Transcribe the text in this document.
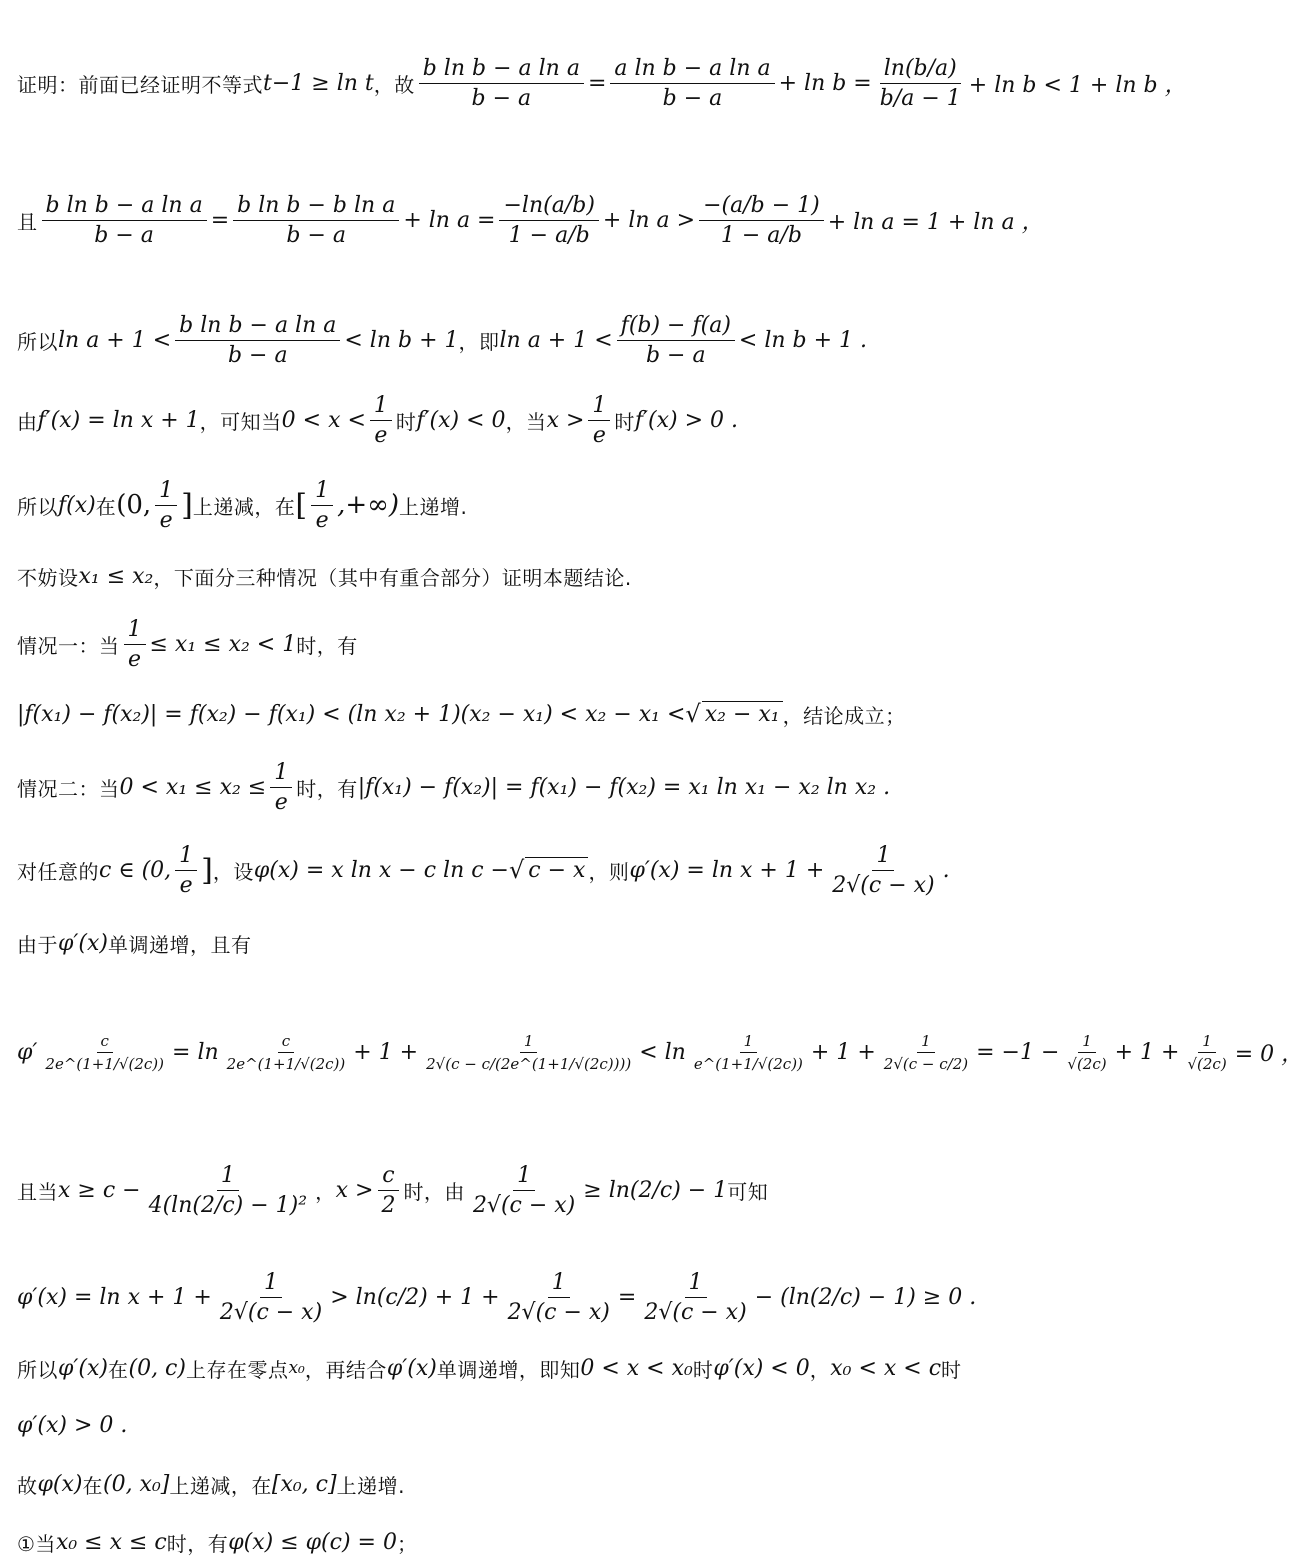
证明：前面已经证明不等式 t−1 ≥ ln t ，故 $\frac{\text{b ln b − a ln a}}{b - a} = \frac{\text{a ln b − a ln a}}{b - a} + \ln b = \frac{\ln(b/a)}{b/a - 1} + \ln b < 1 + \ln b$ ，
且 $\frac{\text{b ln b − a ln a}}{b - a} = \frac{\text{b ln b − b ln a}}{b - a} + \ln a = \frac{-\ln(a/b)}{1 - a/b} + \ln a > \frac{-(a/b - 1)}{1 - a/b} + \ln a = 1 + \ln a$ ，
所以 $\ln a + 1 < \frac{\text{b ln b − a ln a}}{b - a} < \ln b + 1$ ，即 $\ln a + 1 < \frac{f(b) - f(a)}{b - a} < \ln b + 1$ .
由 f′(x) = ln x + 1 ，可知当 $0 < x < \frac{1}{e}$ 时 f′(x) < 0 ，当 $x > \frac{1}{e}$ 时 f′(x) > 0 .
所以 f(x) 在 (0, $\frac{1}{e}$ ] 上递减，在 [ $\frac{1}{e}$ ,+∞) 上递增.
不妨设 x₁ ≤ x₂ ，下面分三种情况（其中有重合部分）证明本题结论.
情况一：当 $\frac{1}{e} \le x_1 \le x_2 < 1$ 时，有
|f(x₁) − f(x₂)| = f(x₂) − f(x₁) < (ln x₂ + 1)(x₂ − x₁) < x₂ − x₁ < √ x₂ − x₁ ，结论成立；
情况二：当 $0 < x_1 \le x_2 \le \frac{1}{e}$ 时，有 |f(x₁) − f(x₂)| = f(x₁) − f(x₂) = x₁ ln x₁ − x₂ ln x₂ .
对任意的 c ∈ (0, $\frac{1}{e}$ ] ，设 φ(x) = x ln x − c ln c − √ c − x ，则 $\varphi'(x) = \ln x + 1 + \frac{1}{2√(c - x)}$ .
由于 φ′(x) 单调递增，且有
$\varphi' \frac{c}{2e\^{}(1+1/√(2c))} = \ln \frac{c}{2e\^{}(1+1/√(2c))} + 1 + \frac{1}{2√(c - c/(2e\^{}(1+1/√(2c))))} < \ln \frac{1}{e\^{}(1+1/√(2c))} + 1 + \frac{1}{2√(c - c/2)} = -1 - \frac{1}{√(2c)} + 1 + \frac{1}{√(2c)} = 0$ ，
且当 $x \ge c - \frac{1}{\text{4(ln(2/c) − 1)²}}$ ， $x > \frac{c}{2}$ 时，由 $\frac{1}{2√(c - x)} \ge \ln(2/c) - 1$ 可知
$\varphi'(x) = \ln x + 1 + \frac{1}{2√(c - x)} > \ln(c/2) + 1 + \frac{1}{2√(c - x)} = \frac{1}{2√(c - x)} - (\ln(2/c) - 1) \ge 0$ .
所以 φ′(x) 在 (0, c) 上存在零点 x₀ ，再结合 φ′(x) 单调递增，即知 0 < x < x₀ 时 φ′(x) < 0 ， x₀ < x < c 时
φ′(x) > 0 .
故 φ(x) 在 (0, x₀] 上递减，在 [x₀, c] 上递增.
①当 x₀ ≤ x ≤ c 时，有 φ(x) ≤ φ(c) = 0 ；
